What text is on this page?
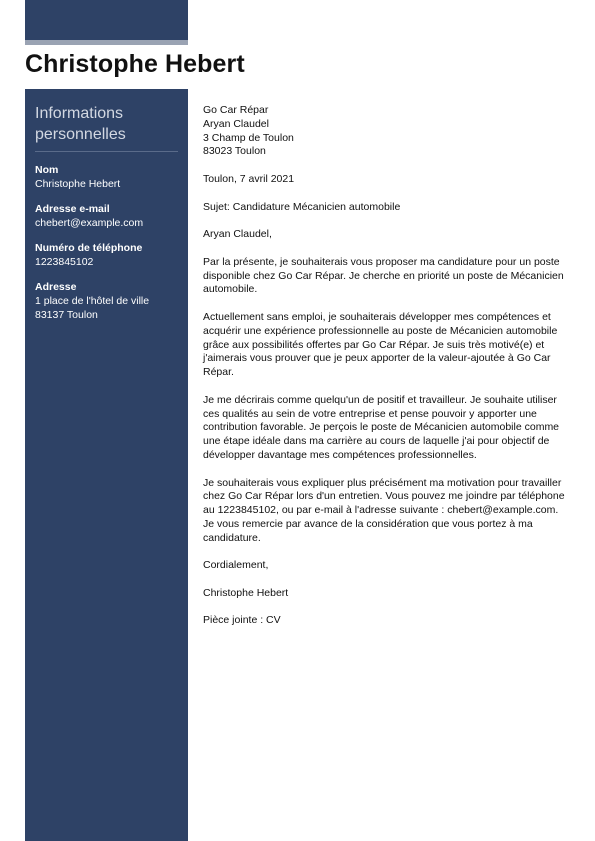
Christophe Hebert
Informations personnelles
Nom
Christophe Hebert
Adresse e-mail
chebert@example.com
Numéro de téléphone
1223845102
Adresse
1 place de l'hôtel de ville
83137 Toulon

Go Car Répar
Aryan Claudel
3 Champ de Toulon
83023 Toulon

Toulon, 7 avril 2021

Sujet: Candidature Mécanicien automobile

Aryan Claudel,

Par la présente, je souhaiterais vous proposer ma candidature pour un poste disponible chez Go Car Répar. Je cherche en priorité un poste de Mécanicien automobile.

Actuellement sans emploi, je souhaiterais développer mes compétences et acquérir une expérience professionnelle au poste de Mécanicien automobile grâce aux possibilités offertes par Go Car Répar. Je suis très motivé(e) et j'aimerais vous prouver que je peux apporter de la valeur-ajoutée à Go Car Répar.

Je me décrirais comme quelqu'un de positif et travailleur. Je souhaite utiliser ces qualités au sein de votre entreprise et pense pouvoir y apporter une contribution favorable. Je perçois le poste de Mécanicien automobile comme une étape idéale dans ma carrière au cours de laquelle j'ai pour objectif de développer davantage mes compétences professionnelles.

Je souhaiterais vous expliquer plus précisément ma motivation pour travailler chez Go Car Répar lors d'un entretien. Vous pouvez me joindre par téléphone au 1223845102, ou par e-mail à l'adresse suivante : chebert@example.com.
Je vous remercie par avance de la considération que vous portez à ma candidature.

Cordialement,

Christophe Hebert

Pièce jointe : CV
